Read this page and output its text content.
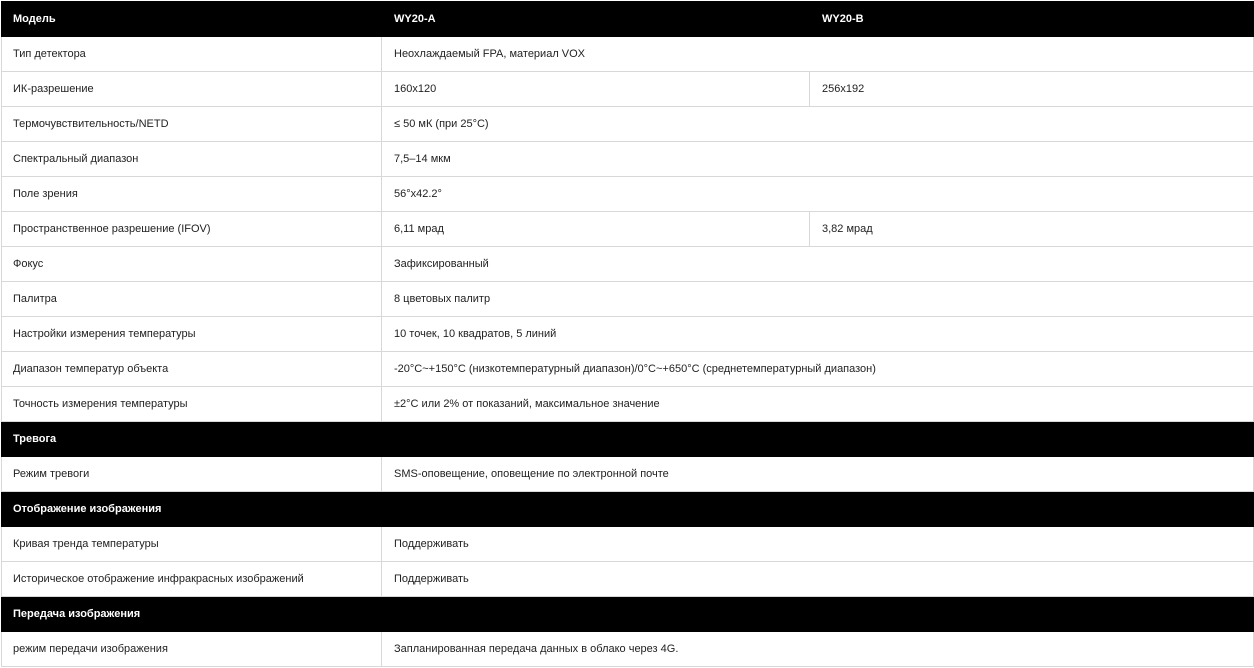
Модель	WY20-A	WY20-B
Тип детектора	Неохлаждаемый FPA, материал VOX	
ИК-разрешение	160x120	256x192
Термочувствительность/NETD	≤ 50 мК (при 25°C)	
Спектральный диапазон	7,5–14 мкм	
Поле зрения	56°x42.2°	
Пространственное разрешение (IFOV)	6,11 мрад	3,82 мрад
Фокус	Зафиксированный	
Палитра	8 цветовых палитр	
Настройки измерения температуры	10 точек, 10 квадратов, 5 линий	
Диапазон температур объекта	-20°C~+150°C (низкотемпературный диапазон)/0°C~+650°C (среднетемпературный диапазон)	
Точность измерения температуры	±2°C или 2% от показаний, максимальное значение	
Тревога		
Режим тревоги	SMS-оповещение, оповещение по электронной почте	
Отображение изображения		
Кривая тренда температуры	Поддерживать	
Историческое отображение инфракрасных изображений	Поддерживать	
Передача изображения		
режим передачи изображения	Запланированная передача данных в облако через 4G.	
